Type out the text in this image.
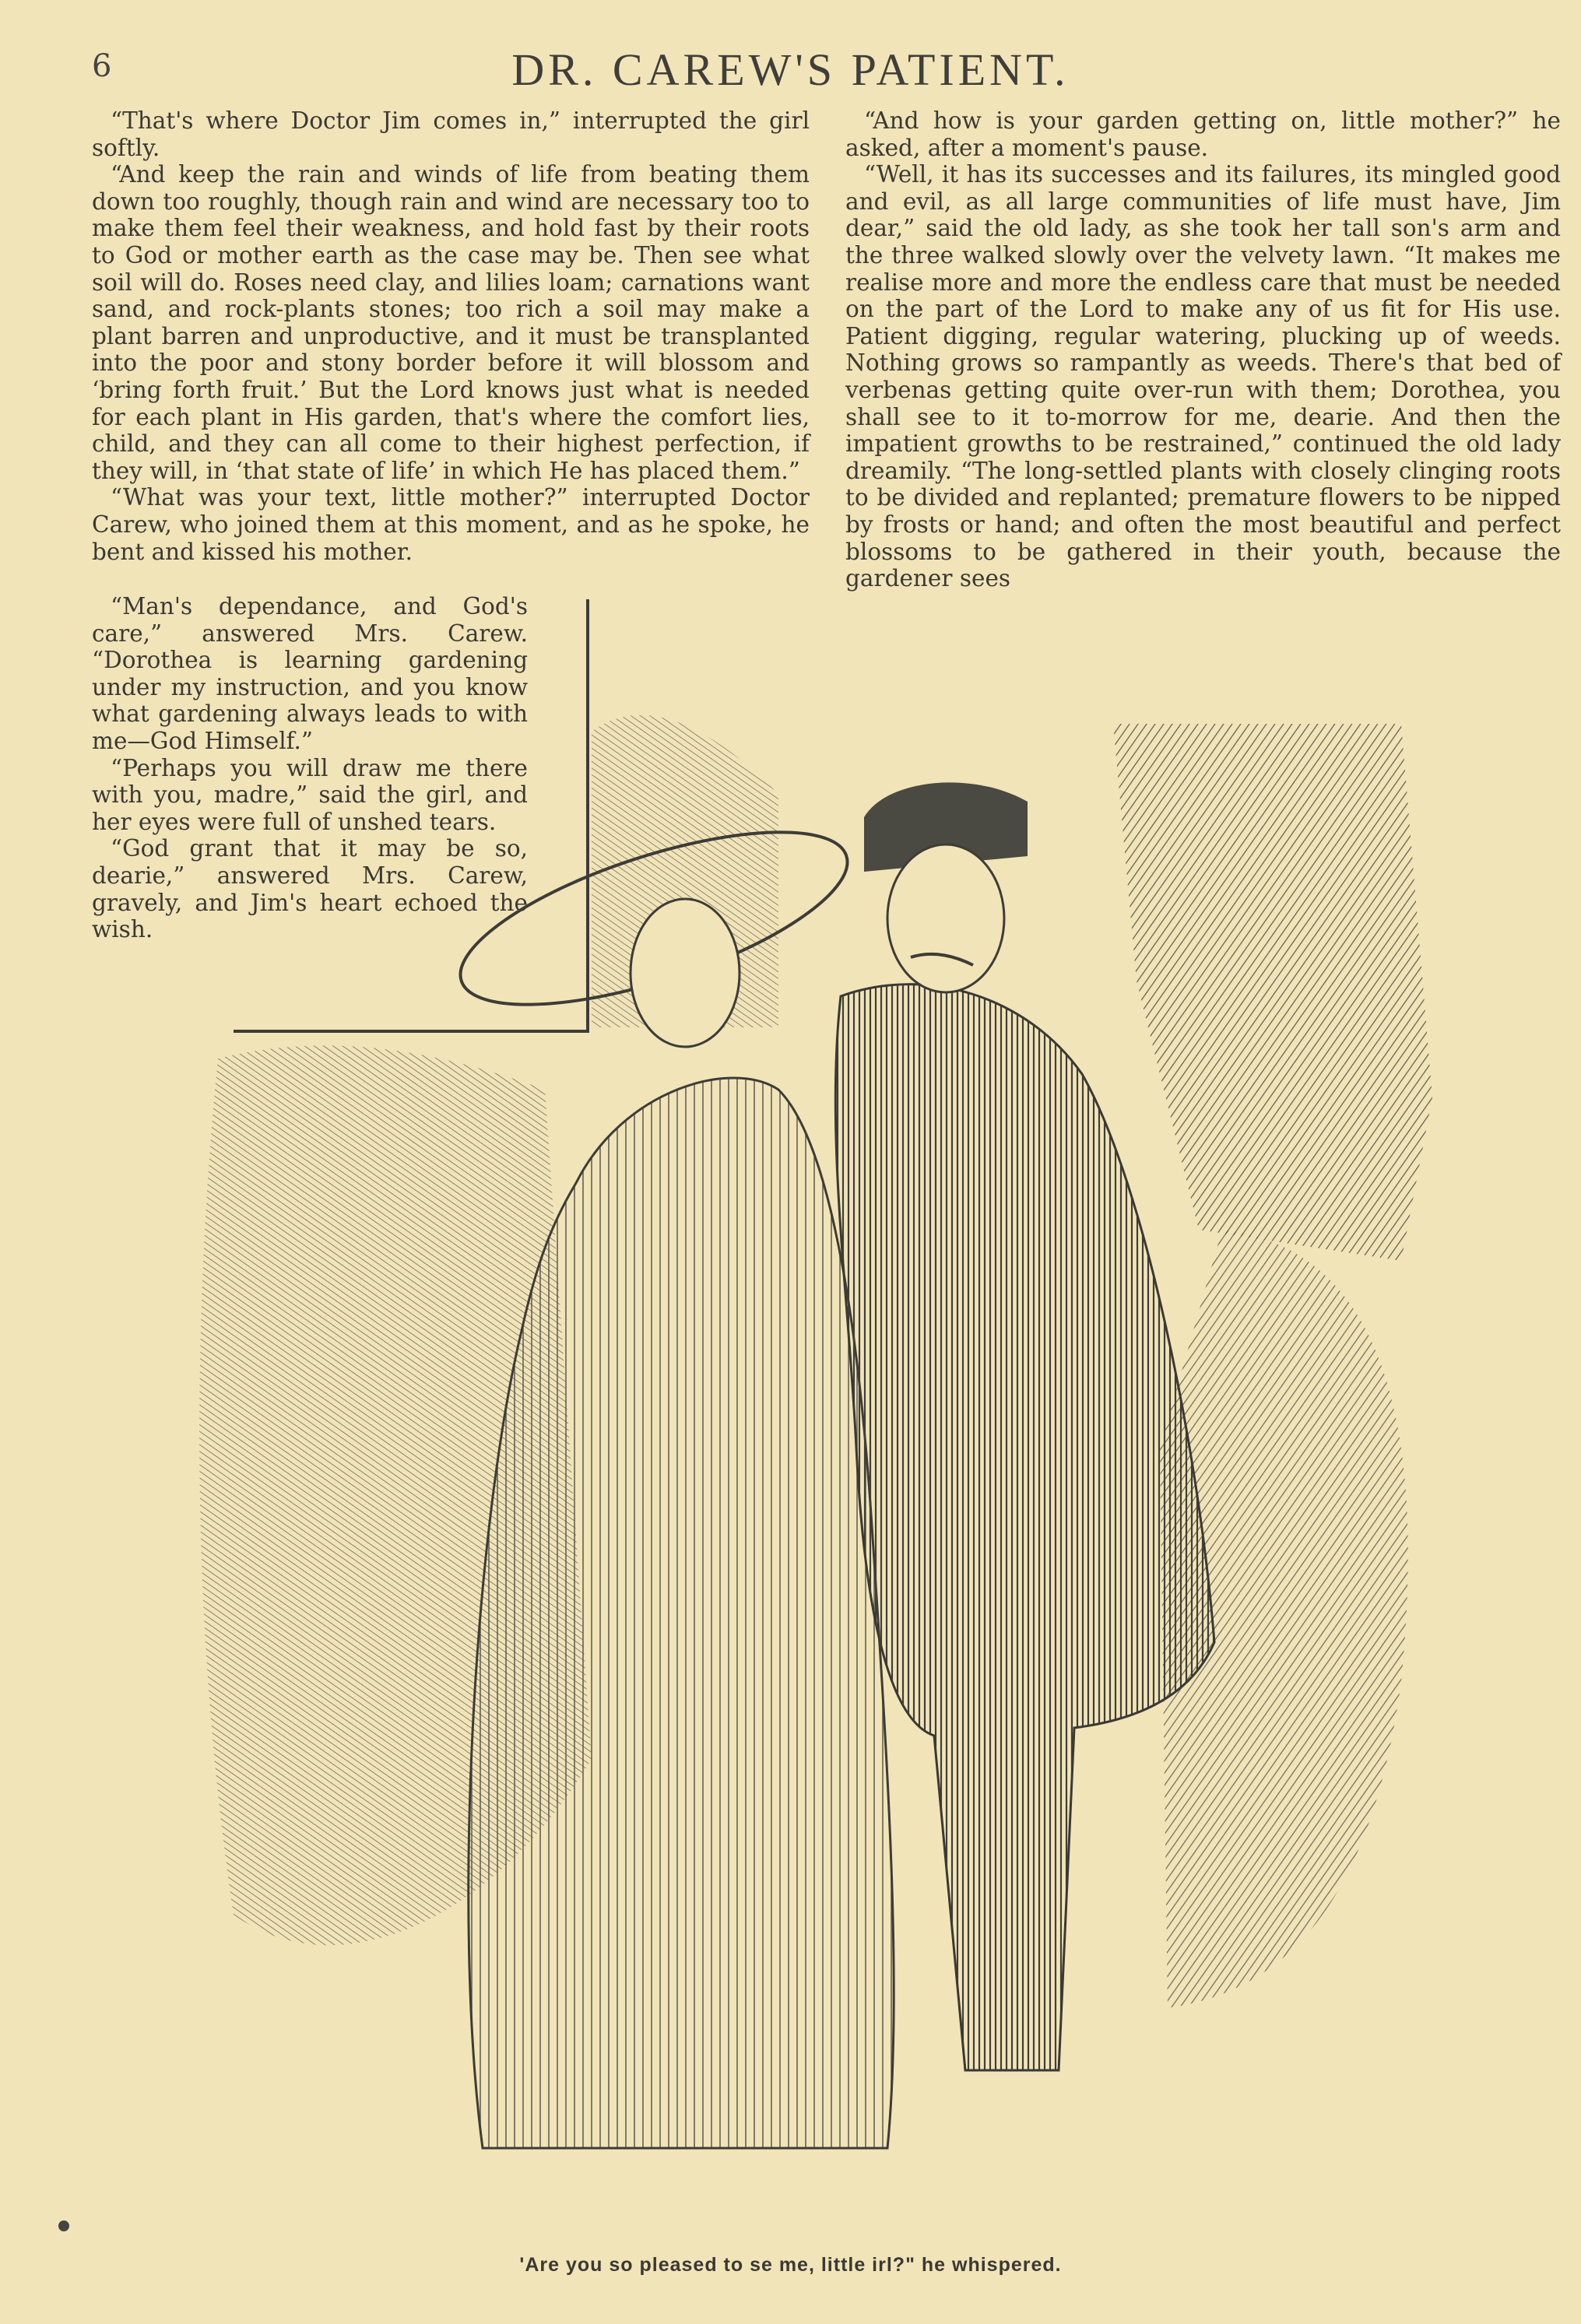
6	DR. CAREW'S PATIENT.

“That's where Doctor Jim comes in,” interrupted the girl softly.

“And keep the rain and winds of life from beating them down too roughly, though rain and wind are necessary too to make them feel their weakness, and hold fast by their roots to God or mother earth as the case may be. Then see what soil will do. Roses need clay, and lilies loam; carnations want sand, and rock-plants stones; too rich a soil may make a plant barren and unproductive, and it must be transplanted into the poor and stony border before it will blossom and ‘bring forth fruit.’ But the Lord knows just what is needed for each plant in His garden, that's where the comfort lies, child, and they can all come to their highest perfection, if they will, in ‘that state of life’ in which He has placed them.”

“What was your text, little mother?” interrupted Doctor Carew, who joined them at this moment, and as he spoke, he bent and kissed his mother.

“Man's dependance, and God's care,” answered Mrs. Carew. “Dorothea is learning gardening under my instruction, and you know what gardening always leads to with me—God Himself.”

“Perhaps you will draw me there with you, madre,” said the girl, and her eyes were full of unshed tears.

“God grant that it may be so, dearie,” answered Mrs. Carew, gravely, and Jim's heart echoed the wish.

“And how is your garden getting on, little mother?” he asked, after a moment's pause.

“Well, it has its successes and its failures, its mingled good and evil, as all large communities of life must have, Jim dear,” said the old lady, as she took her tall son's arm and the three walked slowly over the velvety lawn. “It makes me realise more and more the endless care that must be needed on the part of the Lord to make any of us fit for His use. Patient digging, regular watering, plucking up of weeds. Nothing grows so rampantly as weeds. There's that bed of verbenas getting quite over-run with them; Dorothea, you shall see to it to-morrow for me, dearie. And then the impatient growths to be restrained,” continued the old lady dreamily. “The long-settled plants with closely clinging roots to be divided and replanted; premature flowers to be nipped by frosts or hand; and often the most beautiful and perfect blossoms to be gathered in their youth, because the gardener sees

'Are you so pleased to se me, little irl?" he whispered.
